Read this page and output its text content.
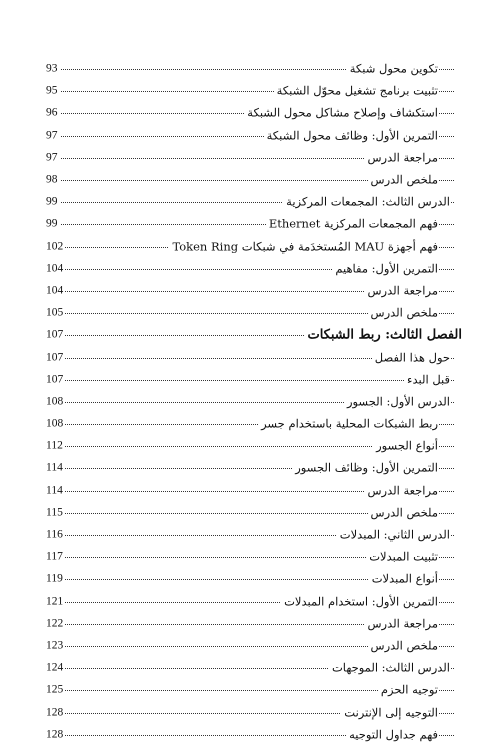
تكوين محول شبكة
93
تثبيت برنامج تشغيل محوّل الشبكة
95
استكشاف وإصلاح مشاكل محول الشبكة
96
التمرين الأول: وظائف محول الشبكة
97
مراجعة الدرس
97
ملخص الدرس
98
الدرس الثالث: المجمعات المركزية
99
فهم المجمعات المركزية Ethernet
99
فهم أجهزة MAU المُستخدَمة في شبكات Token Ring
102
التمرين الأول: مفاهيم
104
مراجعة الدرس
104
ملخص الدرس
105
الفصل الثالث: ربط الشبكات
107
حول هذا الفصل
107
قبل البدء
107
الدرس الأول: الجسور
108
ربط الشبكات المحلية باستخدام جسر
108
أنواع الجسور
112
التمرين الأول: وظائف الجسور
114
مراجعة الدرس
114
ملخص الدرس
115
الدرس الثاني: المبدلات
116
تثبيت المبدلات
117
أنواع المبدلات
119
التمرين الأول: استخدام المبدلات
121
مراجعة الدرس
122
ملخص الدرس
123
الدرس الثالث: الموجهات
124
توجيه الحزم
125
التوجيه إلى الإنترنت
128
فهم جداول التوجيه
128
